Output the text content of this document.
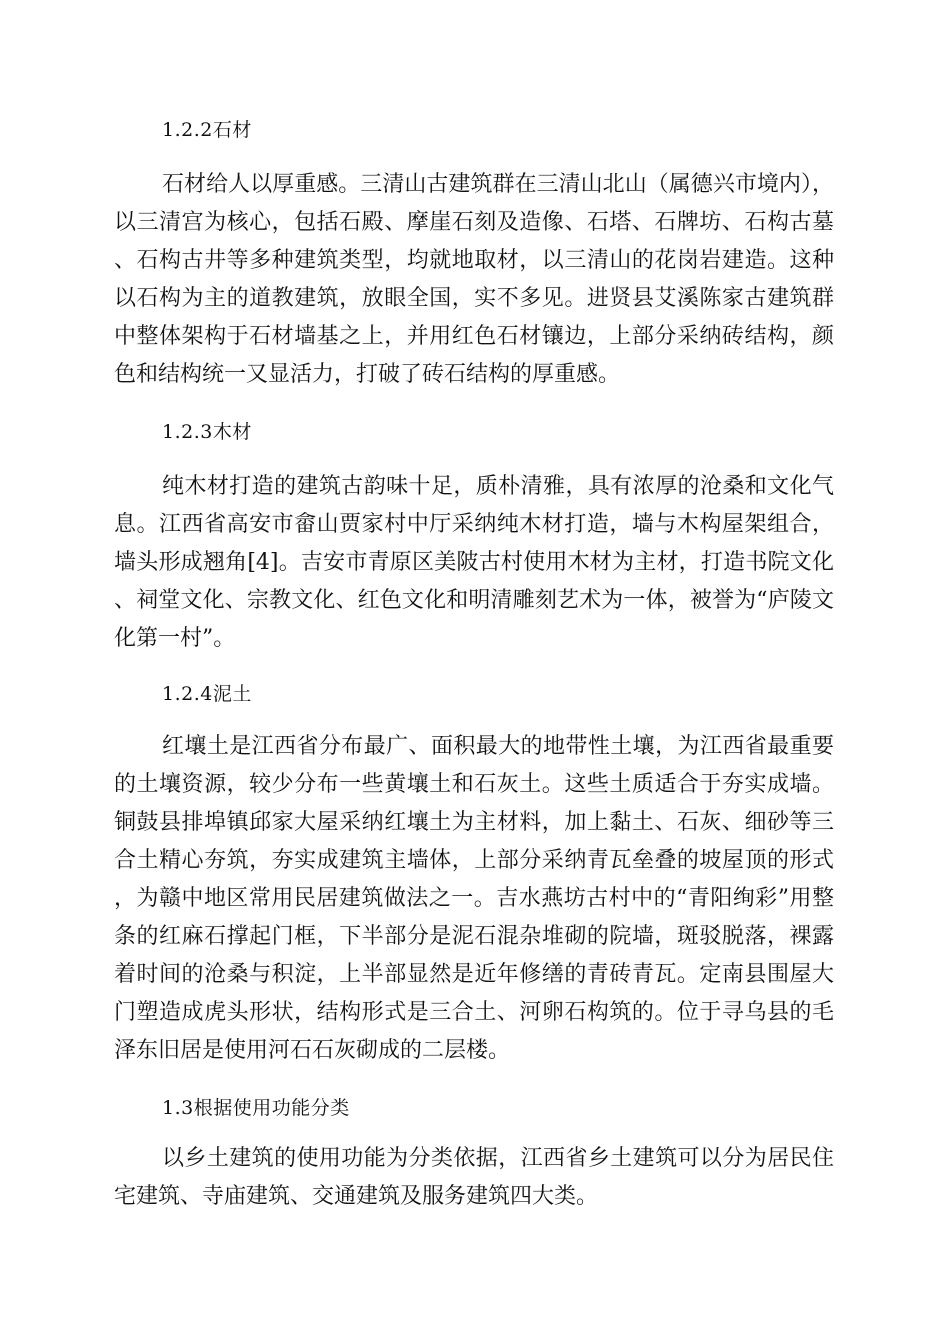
1.2.2石材

石材给人以厚重感。三清山古建筑群在三清山北山（属德兴市境内），以三清宫为核心，包括石殿、摩崖石刻及造像、石塔、石牌坊、石构古墓、石构古井等多种建筑类型，均就地取材，以三清山的花岗岩建造。这种以石构为主的道教建筑，放眼全国，实不多见。进贤县艾溪陈家古建筑群中整体架构于石材墙基之上，并用红色石材镶边，上部分采纳砖结构，颜色和结构统一又显活力，打破了砖石结构的厚重感。

1.2.3木材

纯木材打造的建筑古韵味十足，质朴清雅，具有浓厚的沧桑和文化气息。江西省高安市畲山贾家村中厅采纳纯木材打造，墙与木构屋架组合，墙头形成翘角[4]。吉安市青原区美陂古村使用木材为主材，打造书院文化、祠堂文化、宗教文化、红色文化和明清雕刻艺术为一体，被誉为“庐陵文化第一村”。

1.2.4泥土

红壤土是江西省分布最广、面积最大的地带性土壤，为江西省最重要的土壤资源，较少分布一些黄壤土和石灰土。这些土质适合于夯实成墙。铜鼓县排埠镇邱家大屋采纳红壤土为主材料，加上黏土、石灰、细砂等三合土精心夯筑，夯实成建筑主墙体，上部分采纳青瓦垒叠的坡屋顶的形式，为赣中地区常用民居建筑做法之一。吉水燕坊古村中的“青阳绚彩”用整条的红麻石撑起门框，下半部分是泥石混杂堆砌的院墙，斑驳脱落，裸露着时间的沧桑与积淀，上半部显然是近年修缮的青砖青瓦。定南县围屋大门塑造成虎头形状，结构形式是三合土、河卵石构筑的。位于寻乌县的毛泽东旧居是使用河石石灰砌成的二层楼。

1.3根据使用功能分类

以乡土建筑的使用功能为分类依据，江西省乡土建筑可以分为居民住宅建筑、寺庙建筑、交通建筑及服务建筑四大类。
